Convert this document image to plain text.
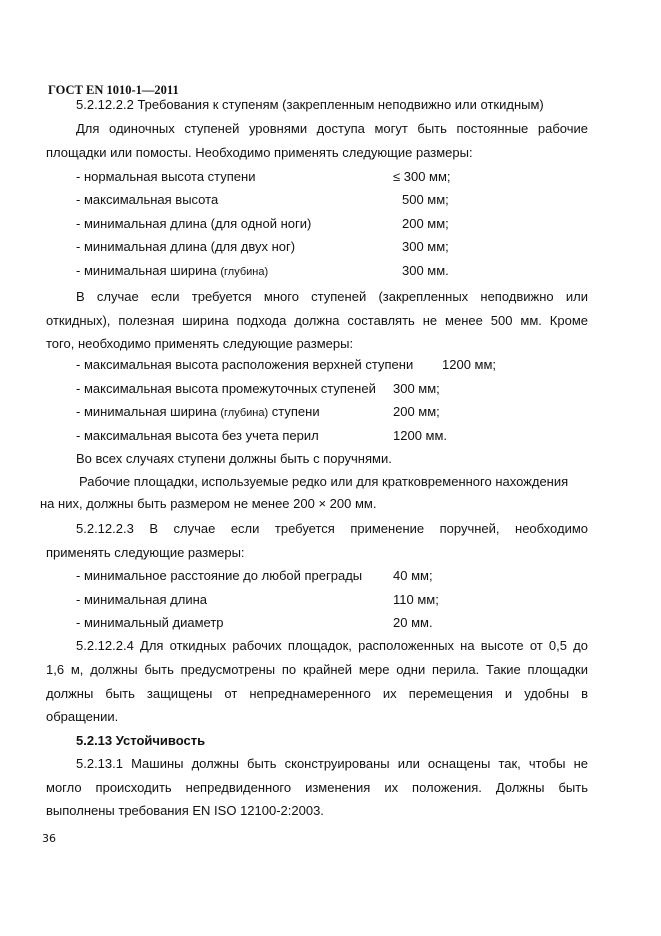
ГОСТ EN 1010-1—2011
5.2.12.2.2 Требования к ступеням (закрепленным неподвижно или откидным)
Для одиночных ступеней уровнями доступа могут быть постоянные рабочие
площадки или помосты. Необходимо применять следующие размеры:
- нормальная высота ступени	≤ 300 мм;
- максимальная высота	500 мм;
- минимальная длина (для одной ноги)	200 мм;
- минимальная длина (для двух ног)	300 мм;
- минимальная ширина (глубина)	300 мм.
В случае если требуется много ступеней (закрепленных неподвижно или
откидных), полезная ширина подхода должна составлять не менее 500 мм. Кроме
того, необходимо применять следующие размеры:
- максимальная высота расположения верхней ступени 1200 мм;
- максимальная высота промежуточных ступеней 300 мм;
- минимальная ширина (глубина) ступени	200 мм;
- максимальная высота без учета перил	1200 мм.
Во всех случаях ступени должны быть с поручнями.
Рабочие площадки, используемые редко или для кратковременного нахождения
на них, должны быть размером не менее 200 × 200 мм.
5.2.12.2.3 В случае если требуется применение поручней, необходимо
применять следующие размеры:
- минимальное расстояние до любой преграды 40 мм;
- минимальная длина	110 мм;
- минимальный диаметр	20 мм.
5.2.12.2.4 Для откидных рабочих площадок, расположенных на высоте от 0,5 до
1,6 м, должны быть предусмотрены по крайней мере одни перила. Такие площадки
должны быть защищены от непреднамеренного их перемещения и удобны в
обращении.
5.2.13 Устойчивость
5.2.13.1 Машины должны быть сконструированы или оснащены так, чтобы не
могло происходить непредвиденного изменения их положения. Должны быть
выполнены требования EN ISO 12100-2:2003.
36
